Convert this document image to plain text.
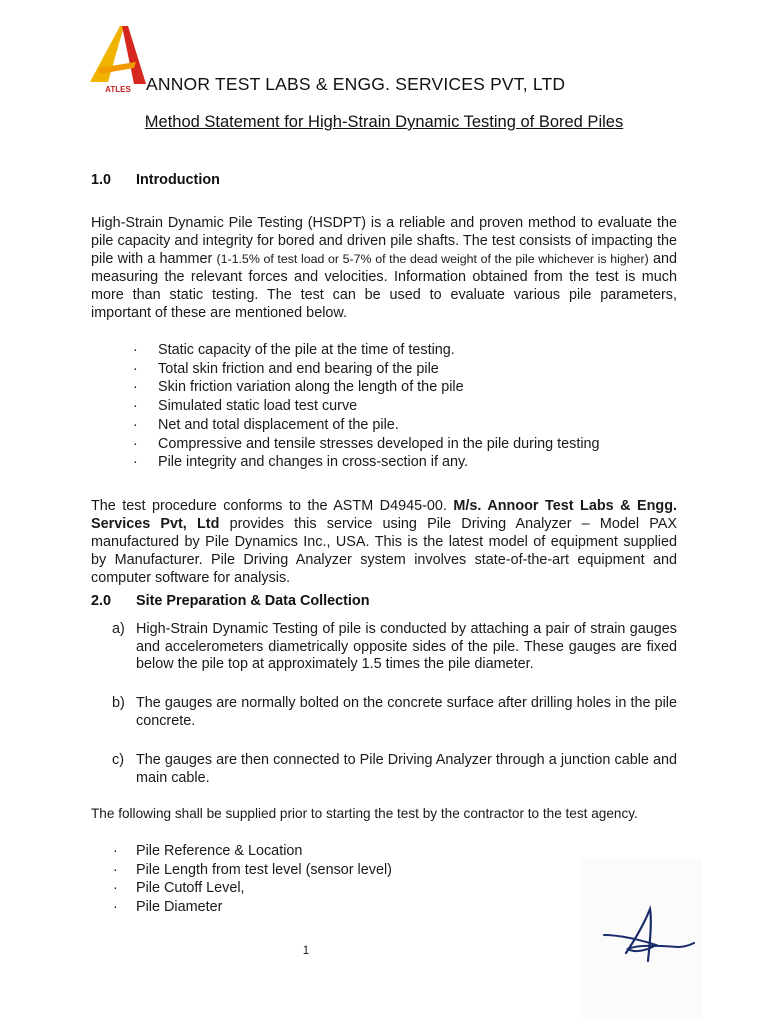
ATLES ANNOR TEST LABS & ENGG. SERVICES PVT, LTD
Method Statement for High-Strain Dynamic Testing of Bored Piles
1.0 Introduction
High-Strain Dynamic Pile Testing (HSDPT) is a reliable and proven method to evaluate the pile capacity and integrity for bored and driven pile shafts. The test consists of impacting the pile with a hammer (1-1.5% of test load or 5-7% of the dead weight of the pile whichever is higher) and measuring the relevant forces and velocities. Information obtained from the test is much more than static testing. The test can be used to evaluate various pile parameters, important of these are mentioned below.
· Static capacity of the pile at the time of testing.
· Total skin friction and end bearing of the pile
· Skin friction variation along the length of the pile
· Simulated static load test curve
· Net and total displacement of the pile.
· Compressive and tensile stresses developed in the pile during testing
· Pile integrity and changes in cross-section if any.
The test procedure conforms to the ASTM D4945-00. M/s. Annoor Test Labs & Engg. Services Pvt, Ltd provides this service using Pile Driving Analyzer – Model PAX manufactured by Pile Dynamics Inc., USA. This is the latest model of equipment supplied by Manufacturer. Pile Driving Analyzer system involves state-of-the-art equipment and computer software for analysis.
2.0 Site Preparation & Data Collection
a) High-Strain Dynamic Testing of pile is conducted by attaching a pair of strain gauges and accelerometers diametrically opposite sides of the pile. These gauges are fixed below the pile top at approximately 1.5 times the pile diameter.
b) The gauges are normally bolted on the concrete surface after drilling holes in the pile concrete.
c) The gauges are then connected to Pile Driving Analyzer through a junction cable and main cable.
The following shall be supplied prior to starting the test by the contractor to the test agency.
· Pile Reference & Location
· Pile Length from test level (sensor level)
· Pile Cutoff Level,
· Pile Diameter
1
